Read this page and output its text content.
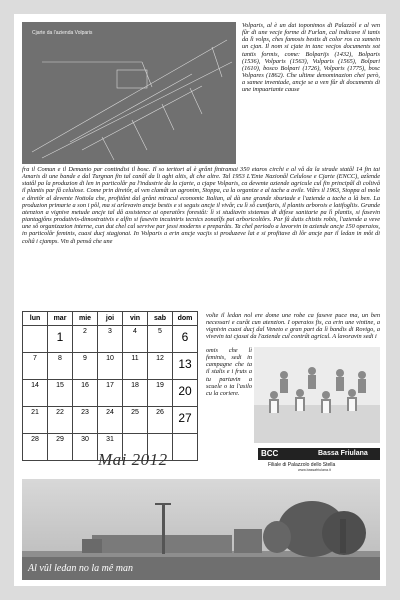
Cjarte da l'azienda Volparis
Volparis, al è un dai toponimos di Palazzòl e al ven fûr di une vecje forme di Furlan, cal indicave il tanis da lì volps, ches famosis bestis di color ros ca xamein un cjan. Il nom si cjate in tanc vecjos documents sot tantis formis, come: Bolparijs (1432), Bolparis (1536), Volparis (1563), Vulparis (1565), Bolpari (1610), bosco Bolpari (1726), Volparis (1775), bosc Volpares (1862). Che ultime denominazion chei però, a samee inventade, ancje se a ven fûr di documents di une impuartante cause
fra il Comun e il Demanio par contindisi il bosc. Il so teritori al è grânt fintramai 350 etaros circhi e al vâ da la strade statâl 14 fin tai Amaris di une bande e dal Turgnan fin tal canâl da li aghi altis, di che altre. Tal 1953 L'Ente Nazionâl Celulose e Cjarte (ENCC), azîende statâl pa la produzion di len in particolâr pa l'industrie da la cjarte, a cjape Volparis, ca devente aziende agricule cul fin principâl di coltivâ il plantis par fâ celulose. Come prin diretôr, al ven clamât un agronim, Stoppa, ca la organize e al tache a avile. Viârs il 1963, Stoppa al mole e diretôr al devente Nottola che, profitânt dal grânt miracul economic Italian, al dà une grande sburtade e l'aziende a tache a là ben. La produzion primarie a son i pôl, ma si arlevavin ancje bestis e si seguis ancje il vivâr, cu lì sô cunifaris, il plantis arborois e latifogliis. Grande atenzion a vignive metude ancje tal dâ assistence ai operatôrs forestâi: lì si studiavin sistemas di difese sanitarie pa lì plantis, si fasevin piantagjôns produtivis-dimostrativis e alfin si fasevin incuintris tecnics zonatîfs pai arboricoltôrs. Par fâ dutis chistis robis, l'aziende a veve une sô organizazion interne, cun dut chel cal servive par jessi moderns e preparâts. Ta chel periodo a lavorvin in aziende ancje 150 operaios, in particolâr feminis, cuasi ducj stagjonai. In Volparis a erin ancje vacjis si produzeve lat e si profitave di lôr ancje par il ledan in môt di coltâ i cjamps. Vin di pensâ che une
lun	mar	mie	joi	vin	sab	dom

	1	2	3	4	5	6

7	8	9	10	11	12	13

14	15	16	17	18	19	20

21	22	23	24	25	26	27

28	29	30	31			

Mai 2012
volte il ledan nol ere dome une robe ca faseve puce ma, un ben necessari e curât cun atenzion. I operaios fis, ca erin une vintine, a vignivin cuasi ducj dal Veneto e gran part da lì bandis di Rovigo, a vivevin tai cjasai da l'aziende cul contrât agricul. A lavoravin sedi i
omis che lì feminis, sedi in campagne che ta il stalis e i fruts a tu partavin a scuele o ta l'asilo cu la coriere.
BCC	Bassa Friulana
Filiale di Palazzolo dello Stella
www.bassafriulana.it
Al vûl ledan no la mê man
